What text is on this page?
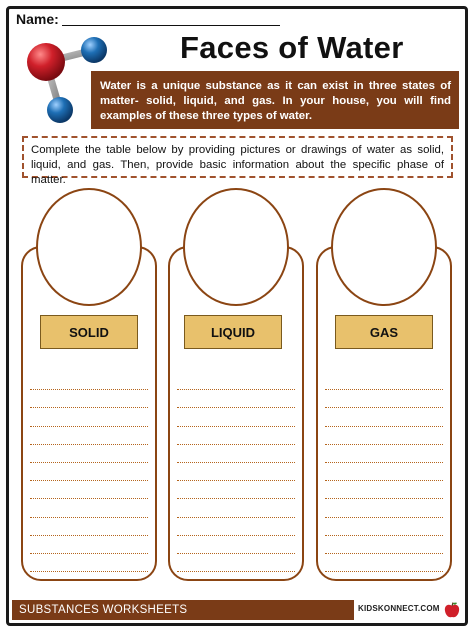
Name:
Faces of Water
Water is a unique substance as it can exist in three states of matter- solid, liquid, and gas. In your house, you will find examples of these three types of water.
Complete the table below by providing pictures or drawings of water as solid, liquid, and gas. Then, provide basic information about the specific phase of matter.
SOLID	LIQUID	GAS
SUBSTANCES WORKSHEETS	KIDSKONNECT.COM
